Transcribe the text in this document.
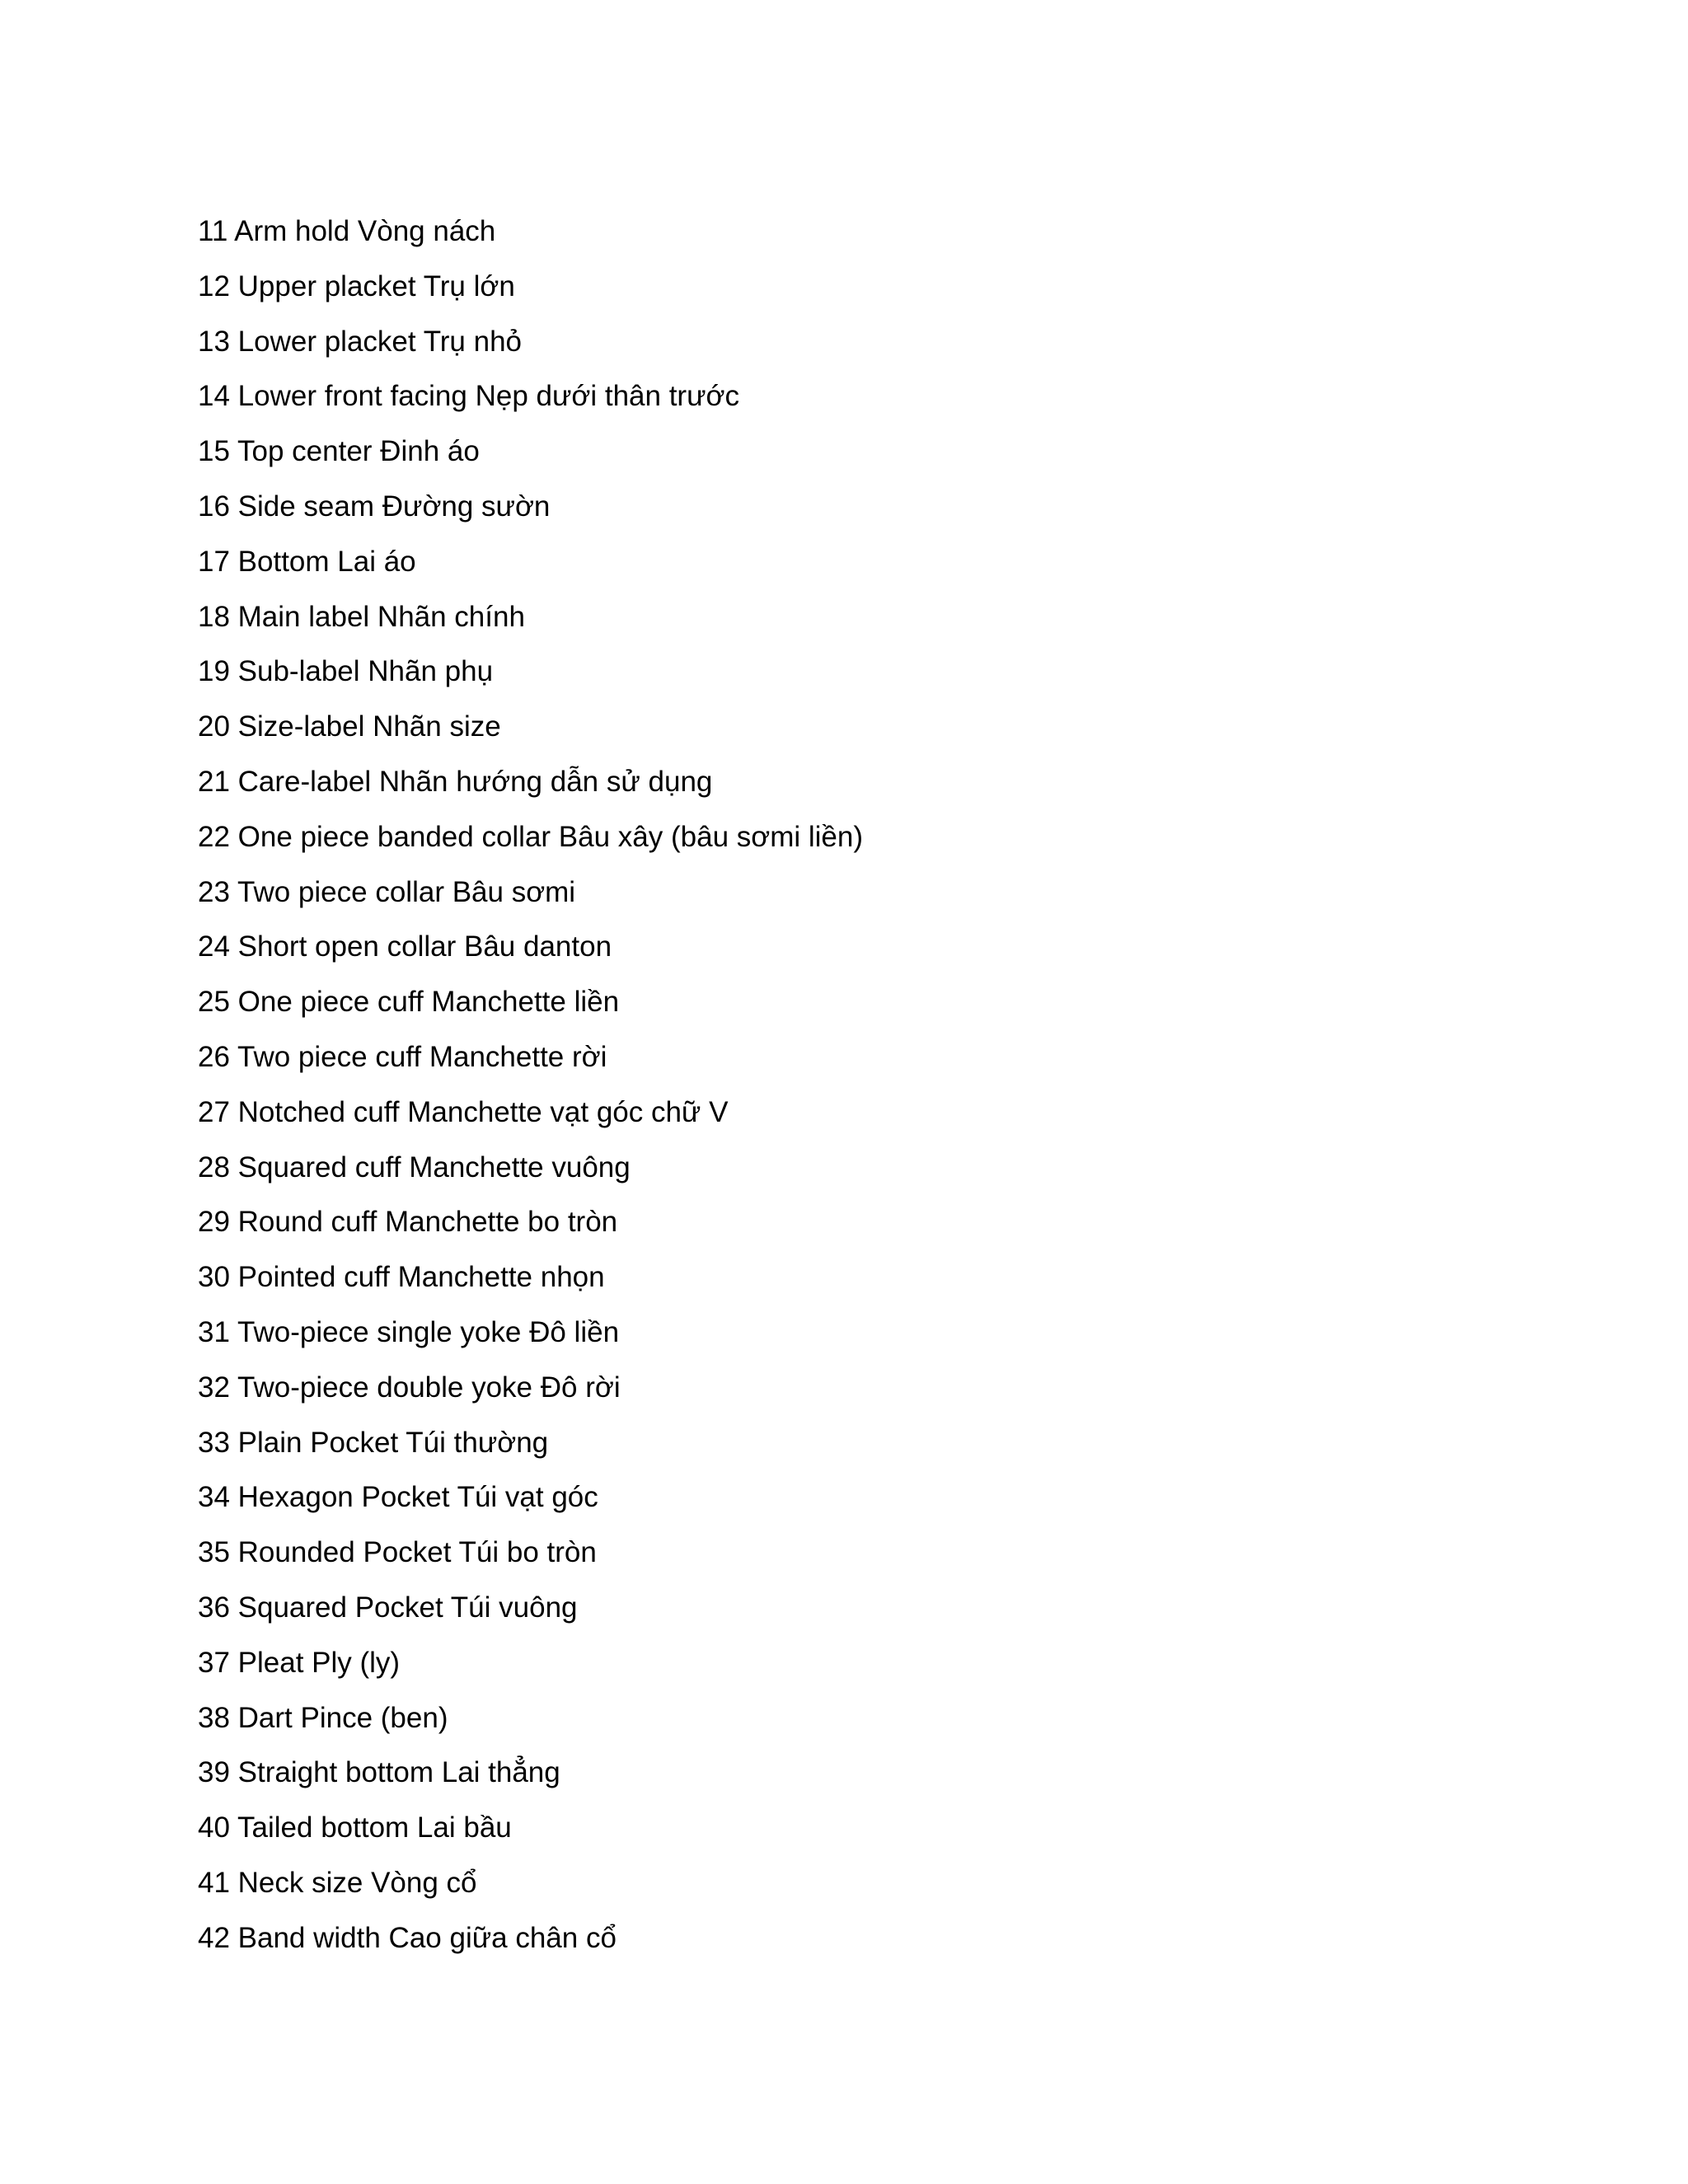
11 Arm hold Vòng nách
12 Upper placket Trụ lớn
13 Lower placket Trụ nhỏ
14 Lower front facing Nẹp dưới thân trước
15 Top center Đinh áo
16 Side seam Đường sườn
17 Bottom Lai áo
18 Main label Nhãn chính
19 Sub-label Nhãn phụ
20 Size-label Nhãn size
21 Care-label Nhãn hướng dẫn sử dụng
22 One piece banded collar Bâu xây (bâu sơmi liền)
23 Two piece collar Bâu sơmi
24 Short open collar Bâu danton
25 One piece cuff Manchette liền
26 Two piece cuff Manchette rời
27 Notched cuff Manchette vạt góc chữ V
28 Squared cuff Manchette vuông
29 Round cuff Manchette bo tròn
30 Pointed cuff Manchette nhọn
31 Two-piece single yoke Đô liền
32 Two-piece double yoke Đô rời
33 Plain Pocket Túi thường
34 Hexagon Pocket Túi vạt góc
35 Rounded Pocket Túi bo tròn
36 Squared Pocket Túi vuông
37 Pleat Ply (ly)
38 Dart Pince (ben)
39 Straight bottom Lai thẳng
40 Tailed bottom Lai bầu
41 Neck size Vòng cổ
42 Band width Cao giữa chân cổ
